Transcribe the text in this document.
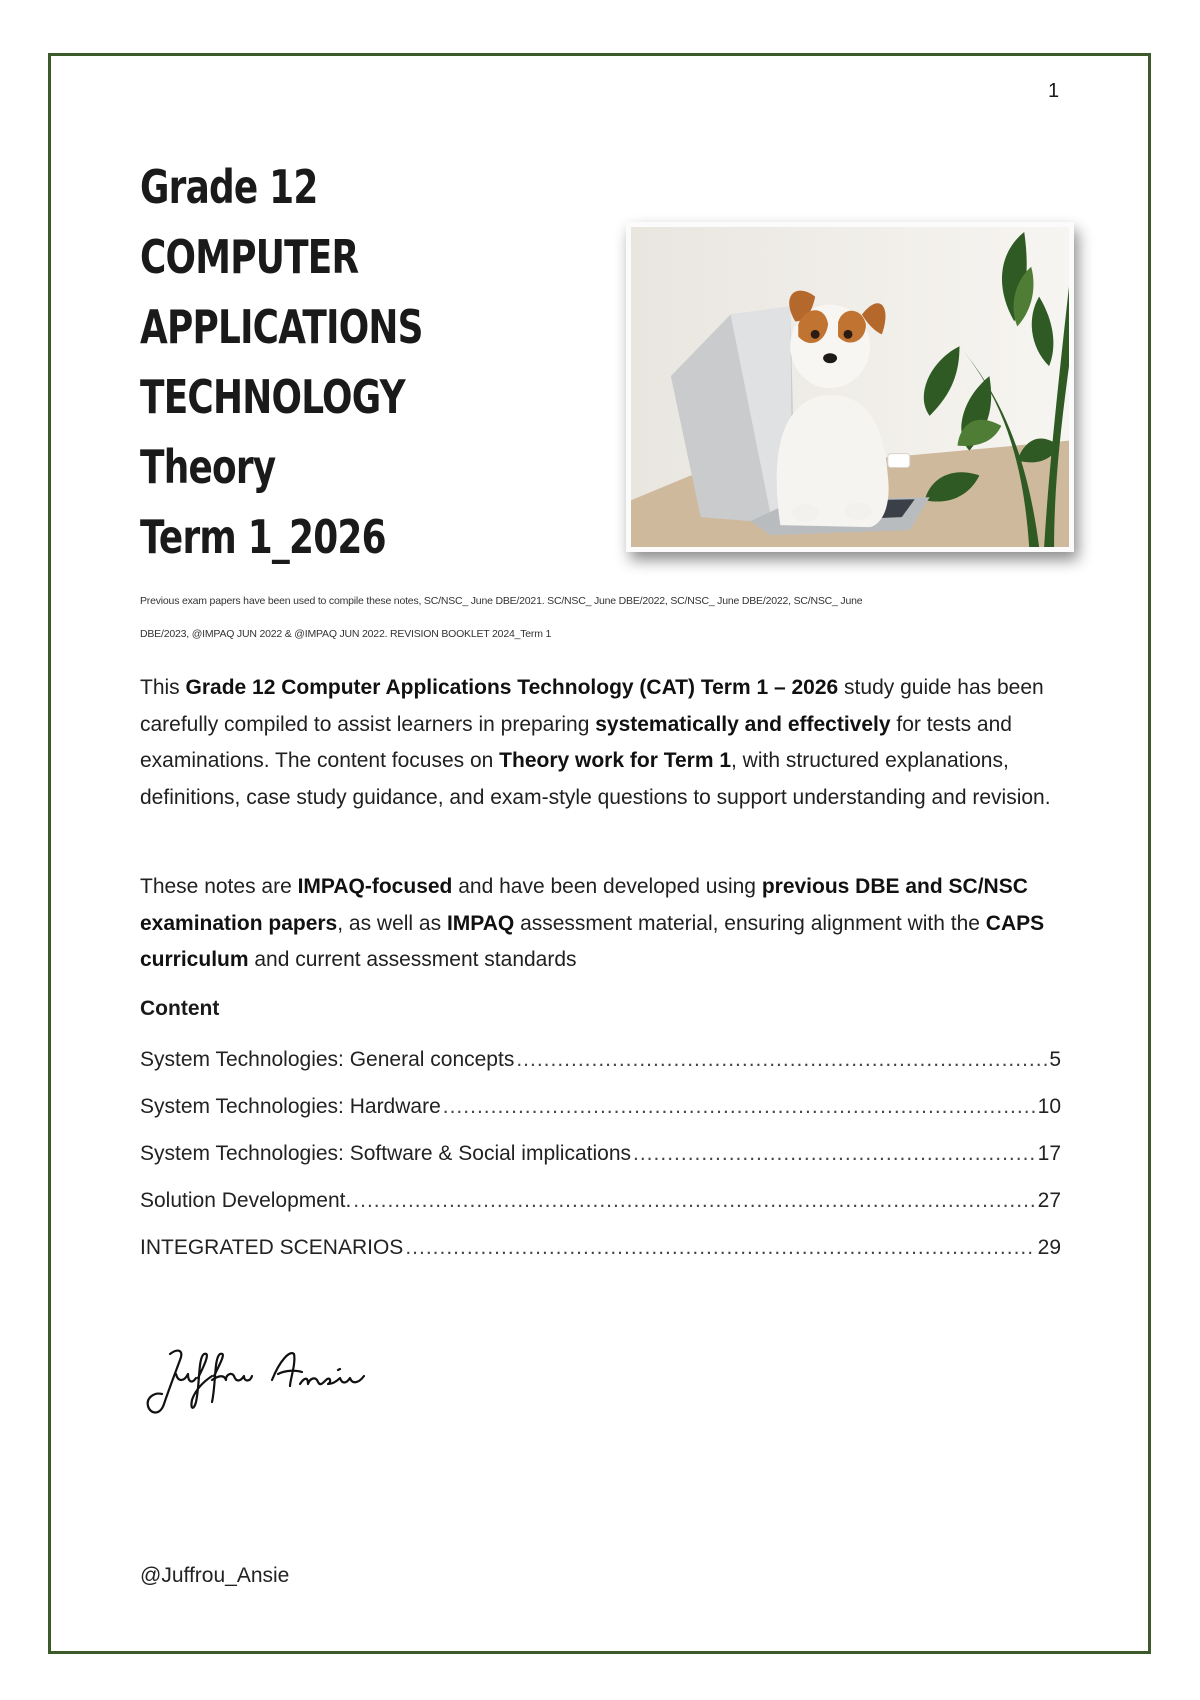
1
Grade 12
COMPUTER
APPLICATIONS
TECHNOLOGY
Theory
Term 1_2026
Previous exam papers have been used to compile these notes, SC/NSC_ June DBE/2021. SC/NSC_ June DBE/2022, SC/NSC_ June DBE/2022, SC/NSC_ June
DBE/2023, @IMPAQ JUN 2022 & @IMPAQ JUN 2022. REVISION BOOKLET 2024_Term 1

This Grade 12 Computer Applications Technology (CAT) Term 1 – 2026 study guide has been carefully compiled to assist learners in preparing systematically and effectively for tests and examinations. The content focuses on Theory work for Term 1, with structured explanations, definitions, case study guidance, and exam-style questions to support understanding and revision.

These notes are IMPAQ-focused and have been developed using previous DBE and SC/NSC examination papers, as well as IMPAQ assessment material, ensuring alignment with the CAPS curriculum and current assessment standards

Content
System Technologies: General concepts .....	5
System Technologies: Hardware .....	10
System Technologies: Software & Social implications .....	17
Solution Development. .....	27
INTEGRATED SCENARIOS .....	29
Juffrou Ansie
@Juffrou_Ansie
